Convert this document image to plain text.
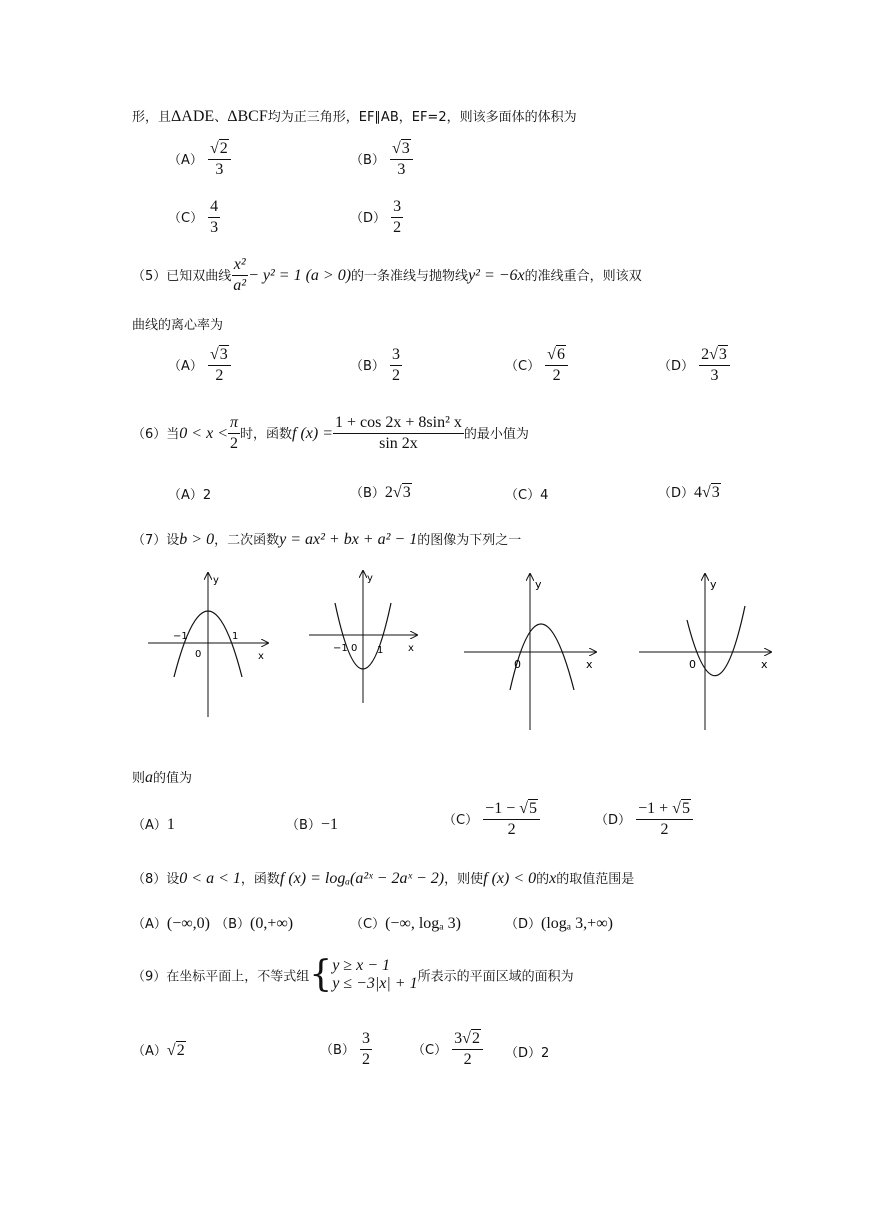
形，且ΔADE、ΔBCF均为正三角形，EF∥AB，EF=2，则该多面体的体积为
$(A) \frac{√2}{3}$	$(B) \frac{√3}{3}$
$(C) \frac{4}{3}$	$(D) \frac{3}{2}$
（5）已知双曲线 $\frac{\text{x²}}{\text{a²}} - y^2 = 1$ (a > 0)的一条准线与抛物线y² = −6x的准线重合，则该双
曲线的离心率为
$(A) \frac{√3}{2}$	$(B) \frac{3}{2}$	$(C) \frac{√6}{2}$	$(D) \frac{2√3}{3}$
（6）当$0 < x < \frac{\pi}{2}$ 时，函数f $(x) = \frac{\text{1 + cos 2x + 8sin² x}}{\sin 2x}$ 的最小值为
（A）2	（B）2√3	（C）4	（D）4√3
（7）设b > 0，二次函数y = ax² + bx + a² − 1的图像为下列之一
y
x
0
−1	1
y
x
−1 0 1
y
x
0
y
x
0
则a的值为
（A）1	（B）−1	$(C) \frac{-1 - √5}{2}$	$(D) \frac{-1 + √5}{2}$
（8）设0 < a < 1，函数f (x) = logₐ(a²ˣ − 2aˣ − 2)，则使f (x) < 0的x的取值范围是
（A）(−∞,0) （B）(0,+∞)	（C）(−∞, logₐ 3)	（D）(logₐ 3,+∞)
（9）在坐标平面上，不等式组 { y ≥ x − 1
y ≤ −3|x| + 1 所表示的平面区域的面积为
（A）√2	$(B) \frac{3}{2}$	$(C) \frac{3√2}{2} (D)2$
